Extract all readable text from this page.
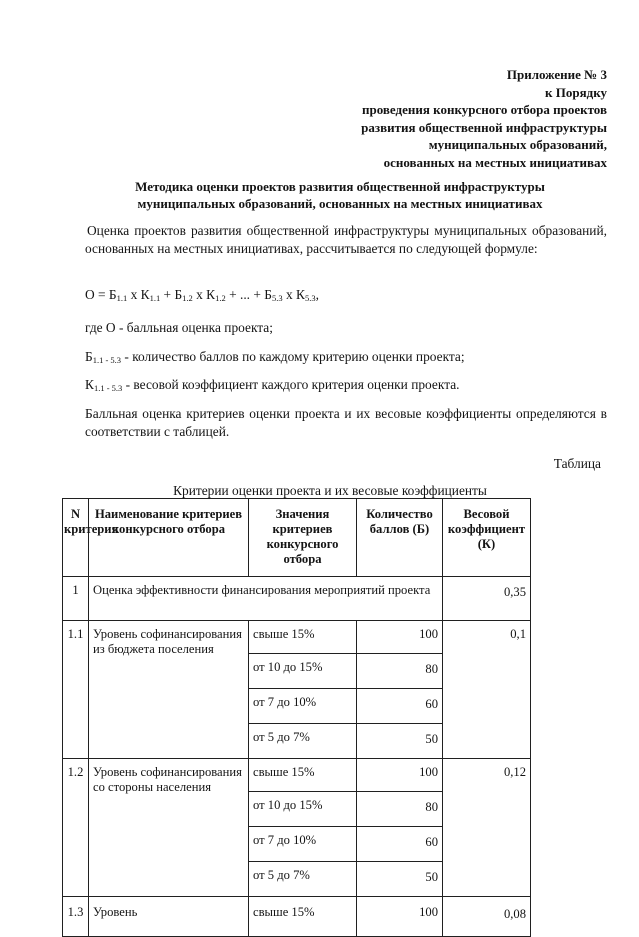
Приложение № 3
к Порядку
проведения конкурсного отбора проектов
развития общественной инфраструктуры
муниципальных образований,
основанных на местных инициативах
Методика оценки проектов развития общественной инфраструктуры
муниципальных образований, основанных на местных инициативах
Оценка проектов развития общественной инфраструктуры муниципальных образований, основанных на местных инициативах, рассчитывается по следующей формуле:
$О = Б_{1.1}$ х $К_{1.1} + Б_{1.2}$ х $К_{1.2}$ + ... + $Б_{5.3}$ х $К_{5.3}$,
где О - балльная оценка проекта;
$Б_{1.1 - 5.3}$ - количество баллов по каждому критерию оценки проекта;
$К_{1.1 - 5.3}$ - весовой коэффициент каждого критерия оценки проекта.
Балльная оценка критериев оценки проекта и их весовые коэффициенты определяются в соответствии с таблицей.
Таблица
Критерии оценки проекта и их весовые коэффициенты
N критерия	Наименование критериев конкурсного отбора	Значения критериев конкурсного отбора	Количество баллов (Б)	Весовой коэффициент (К)
1	Оценка эффективности финансирования мероприятий проекта			0,35
1.1	Уровень софинансирования из бюджета поселения	свыше 15%	100	0,1
		от 10 до 15%	80	
		от 7 до 10%	60	
		от 5 до 7%	50	
1.2	Уровень софинансирования со стороны населения	свыше 15%	100	0,12
		от 10 до 15%	80	
		от 7 до 10%	60	
		от 5 до 7%	50	
1.3	Уровень	свыше 15%	100	0,08
